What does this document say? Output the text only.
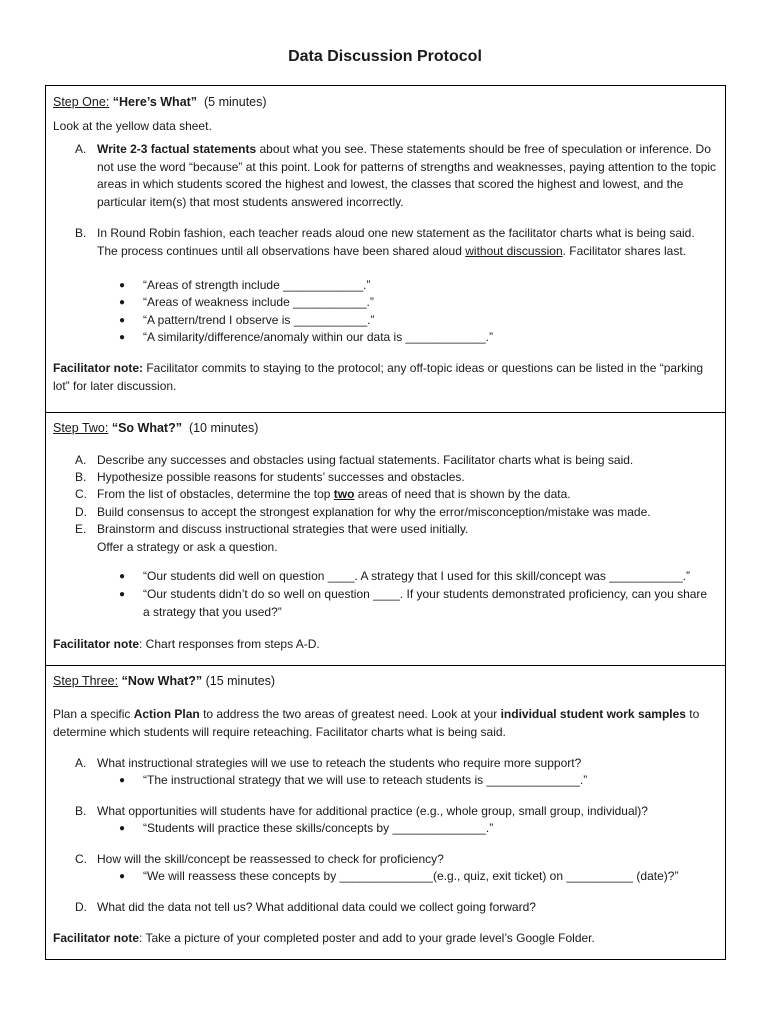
Data Discussion Protocol

Step One: “Here’s What” (5 minutes)

Look at the yellow data sheet.

A. Write 2-3 factual statements about what you see. These statements should be free of speculation or inference. Do not use the word “because” at this point. Look for patterns of strengths and weaknesses, paying attention to the topic areas in which students scored the highest and lowest, the classes that scored the highest and lowest, and the particular item(s) that most students answered incorrectly.
B. In Round Robin fashion, each teacher reads aloud one new statement as the facilitator charts what is being said. The process continues until all observations have been shared aloud without discussion. Facilitator shares last.
● “Areas of strength include ____________.”
● “Areas of weakness include ___________.”
● “A pattern/trend I observe is ___________.”
● “A similarity/difference/anomaly within our data is ____________.”

Facilitator note: Facilitator commits to staying to the protocol; any off-topic ideas or questions can be listed in the “parking lot” for later discussion.

Step Two: “So What?” (10 minutes)

A. Describe any successes and obstacles using factual statements. Facilitator charts what is being said.
B. Hypothesize possible reasons for students’ successes and obstacles.
C. From the list of obstacles, determine the top two areas of need that is shown by the data.
D. Build consensus to accept the strongest explanation for why the error/misconception/mistake was made.
E. Brainstorm and discuss instructional strategies that were used initially.
Offer a strategy or ask a question.
● “Our students did well on question ____. A strategy that I used for this skill/concept was ___________.”
● “Our students didn’t do so well on question ____. If your students demonstrated proficiency, can you share a strategy that you used?”

Facilitator note: Chart responses from steps A-D.

Step Three: “Now What?” (15 minutes)

Plan a specific Action Plan to address the two areas of greatest need. Look at your individual student work samples to determine which students will require reteaching. Facilitator charts what is being said.

A. What instructional strategies will we use to reteach the students who require more support?
● “The instructional strategy that we will use to reteach students is ______________.”
B. What opportunities will students have for additional practice (e.g., whole group, small group, individual)?
● “Students will practice these skills/concepts by ______________.”
C. How will the skill/concept be reassessed to check for proficiency?
● “We will reassess these concepts by ______________(e.g., quiz, exit ticket) on __________ (date)?”
D. What did the data not tell us? What additional data could we collect going forward?

Facilitator note: Take a picture of your completed poster and add to your grade level’s Google Folder.
